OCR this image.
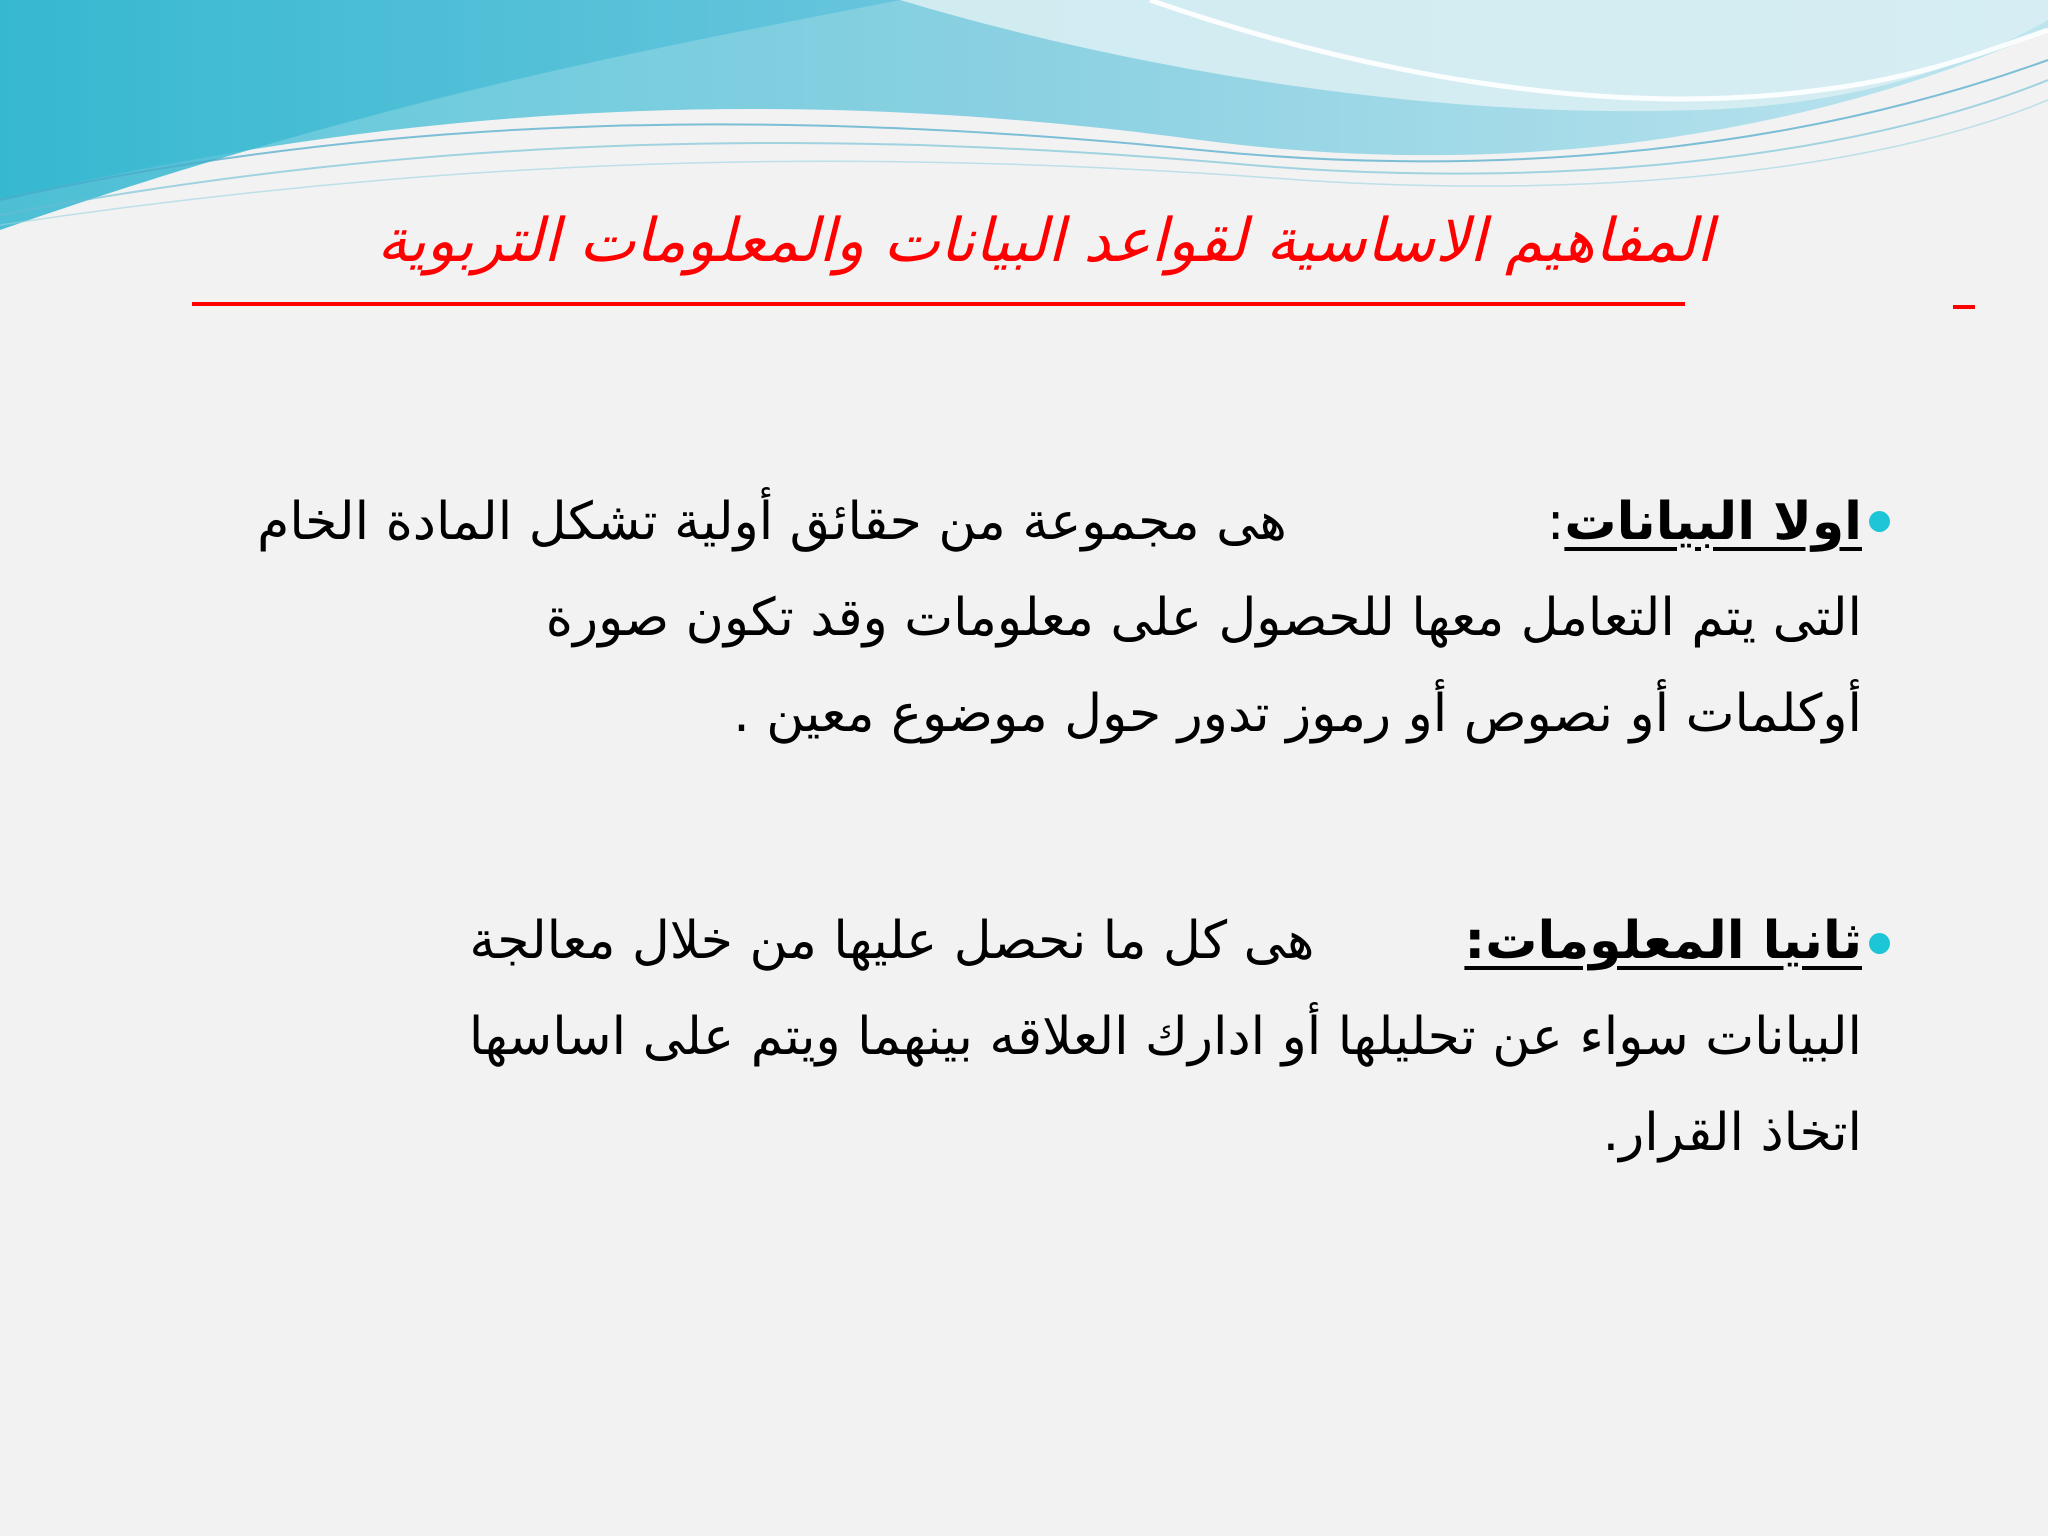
المفاهيم الاساسية لقواعد البيانات والمعلومات التربوية
اولا البيانات:هى مجموعة من حقائق أولية تشكل المادة الخام
التى يتم التعامل معها للحصول على معلومات وقد تكون صورة
أوكلمات أو نصوص أو رموز تدور حول موضوع معين .
ثانيا المعلومات:هى كل ما نحصل عليها من خلال معالجة
البيانات سواء عن تحليلها أو ادارك العلاقه بينهما ويتم على اساسها
اتخاذ القرار.
